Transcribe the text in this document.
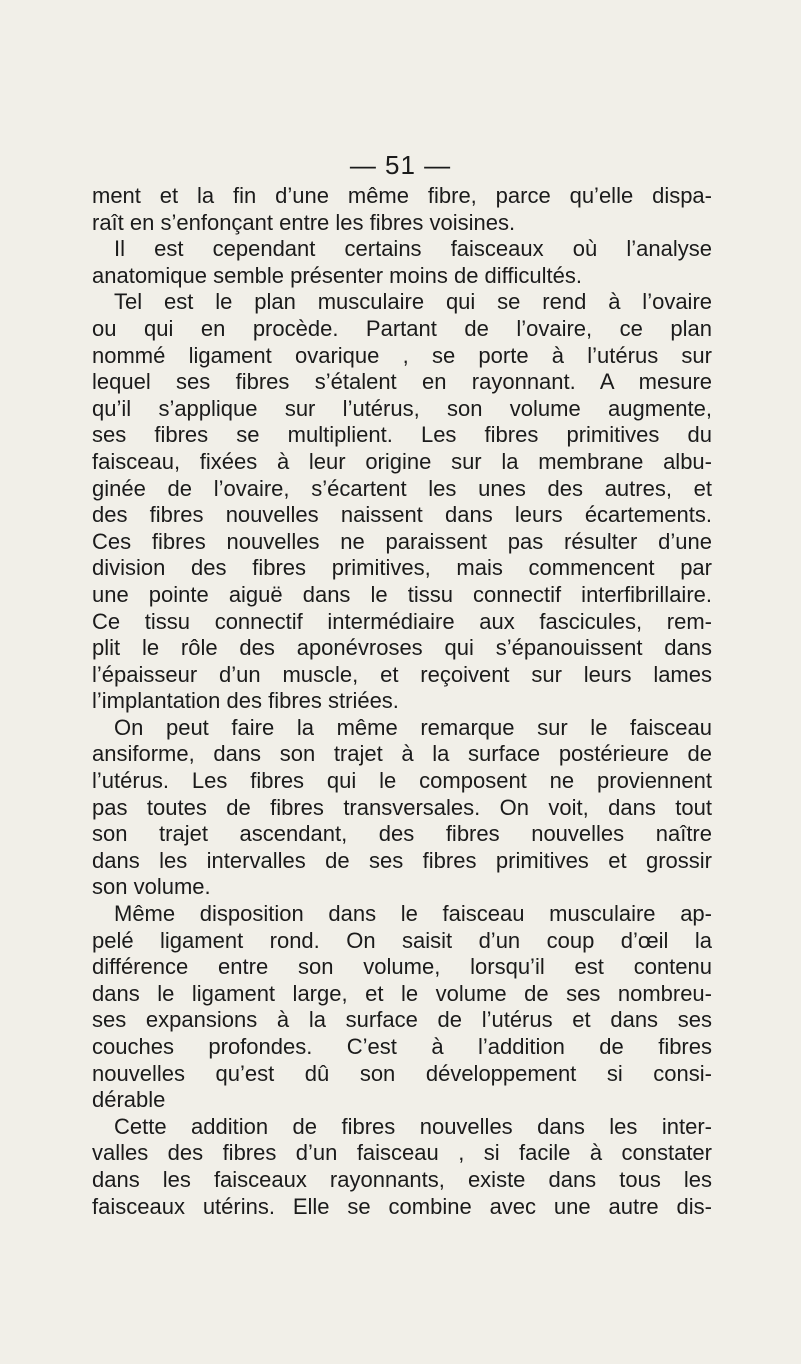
— 51 —

ment et la fin d’une même fibre, parce qu’elle dispa-

raît en s’enfonçant entre les fibres voisines.

Il est cependant certains faisceaux où l’analyse

anatomique semble présenter moins de difficultés.

Tel est le plan musculaire qui se rend à l’ovaire

ou qui en procède. Partant de l’ovaire, ce plan

nommé ligament ovarique , se porte à l’utérus sur

lequel ses fibres s’étalent en rayonnant. A mesure

qu’il s’applique sur l’utérus, son volume augmente,

ses fibres se multiplient. Les fibres primitives du

faisceau, fixées à leur origine sur la membrane albu-

ginée de l’ovaire, s’écartent les unes des autres, et

des fibres nouvelles naissent dans leurs écartements.

Ces fibres nouvelles ne paraissent pas résulter d’une

division des fibres primitives, mais commencent par

une pointe aiguë dans le tissu connectif interfibrillaire.

Ce tissu connectif intermédiaire aux fascicules, rem-

plit le rôle des aponévroses qui s’épanouissent dans

l’épaisseur d’un muscle, et reçoivent sur leurs lames

l’implantation des fibres striées.

On peut faire la même remarque sur le faisceau

ansiforme, dans son trajet à la surface postérieure de

l’utérus. Les fibres qui le composent ne proviennent

pas toutes de fibres transversales. On voit, dans tout

son trajet ascendant, des fibres nouvelles naître

dans les intervalles de ses fibres primitives et grossir

son volume.

Même disposition dans le faisceau musculaire ap-

pelé ligament rond. On saisit d’un coup d’œil la

différence entre son volume, lorsqu’il est contenu

dans le ligament large, et le volume de ses nombreu-

ses expansions à la surface de l’utérus et dans ses

couches profondes. C’est à l’addition de fibres

nouvelles qu’est dû son développement si consi-

dérable

Cette addition de fibres nouvelles dans les inter-

valles des fibres d’un faisceau , si facile à constater

dans les faisceaux rayonnants, existe dans tous les

faisceaux utérins. Elle se combine avec une autre dis-
